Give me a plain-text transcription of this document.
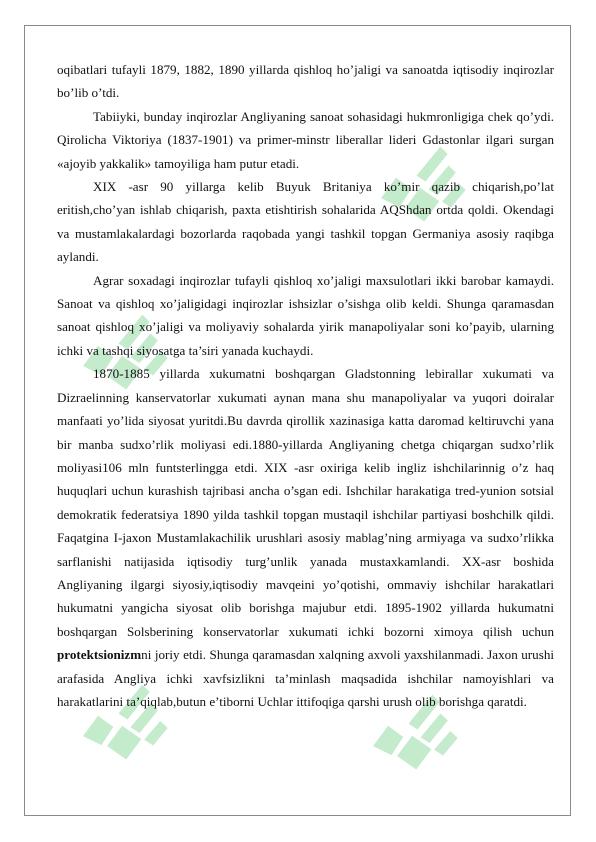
oqibatlari tufayli 1879, 1882, 1890 yillarda qishloq ho’jaligi va sanoatda iqtisodiy inqirozlar bo’lib o’tdi.

Tabiiyki, bunday inqirozlar Angliyaning sanoat sohasidagi hukmronligiga chek qo’ydi. Qirolicha Viktoriya (1837-1901) va primer-minstr liberallar lideri Gdastonlar ilgari surgan «ajoyib yakkalik» tamoyiliga ham putur etadi.

XIX -asr 90 yillarga kelib Buyuk Britaniya ko’mir qazib chiqarish,po’lat eritish,cho’yan ishlab chiqarish, paxta etishtirish sohalarida AQShdan ortda qoldi. Okendagi va mustamlakalardagi bozorlarda raqobada yangi tashkil topgan Germaniya asosiy raqibga aylandi.

Agrar soxadagi inqirozlar tufayli qishloq xo’jaligi maxsulotlari ikki barobar kamaydi. Sanoat va qishloq xo’jaligidagi inqirozlar ishsizlar o’sishga olib keldi. Shunga qaramasdan sanoat qishloq xo’jaligi va moliyaviy sohalarda yirik manapoliyalar soni ko’payib, ularning ichki va tashqi siyosatga ta’siri yanada kuchaydi.

1870-1885 yillarda xukumatni boshqargan Gladstonning lebirallar xukumati va Dizraelinning kanservatorlar xukumati aynan mana shu manapoliyalar va yuqori doiralar manfaati yo’lida siyosat yuritdi.Bu davrda qirollik xazinasiga katta daromad keltiruvchi yana bir manba sudxo’rlik moliyasi edi.1880-yillarda Angliyaning chetga chiqargan sudxo’rlik moliyasi106 mln funtsterlingga etdi. XIX -asr oxiriga kelib ingliz ishchilarinnig o’z haq huquqlari uchun kurashish tajribasi ancha o’sgan edi. Ishchilar harakatiga tred-yunion sotsial demokratik federatsiya 1890 yilda tashkil topgan mustaqil ishchilar partiyasi boshchilk qildi. Faqatgina I-jaxon Mustamlakachilik urushlari asosiy mablag’ning armiyaga va sudxo’rlikka sarflanishi natijasida iqtisodiy turg’unlik yanada mustaxkamlandi. XX-asr boshida Angliyaning ilgargi siyosiy,iqtisodiy mavqeini yo’qotishi, ommaviy ishchilar harakatlari hukumatni yangicha siyosat olib borishga majubur etdi. 1895-1902 yillarda hukumatni boshqargan Solsberining konservatorlar xukumati ichki bozorni ximoya qilish uchun protektsionizmni joriy etdi. Shunga qaramasdan xalqning axvoli yaxshilanmadi. Jaxon urushi arafasida Angliya ichki xavfsizlikni ta’minlash maqsadida ishchilar namoyishlari va harakatlarini ta’qiqlab,butun e’tiborni Uchlar ittifoqiga qarshi urush olib borishga qaratdi.
